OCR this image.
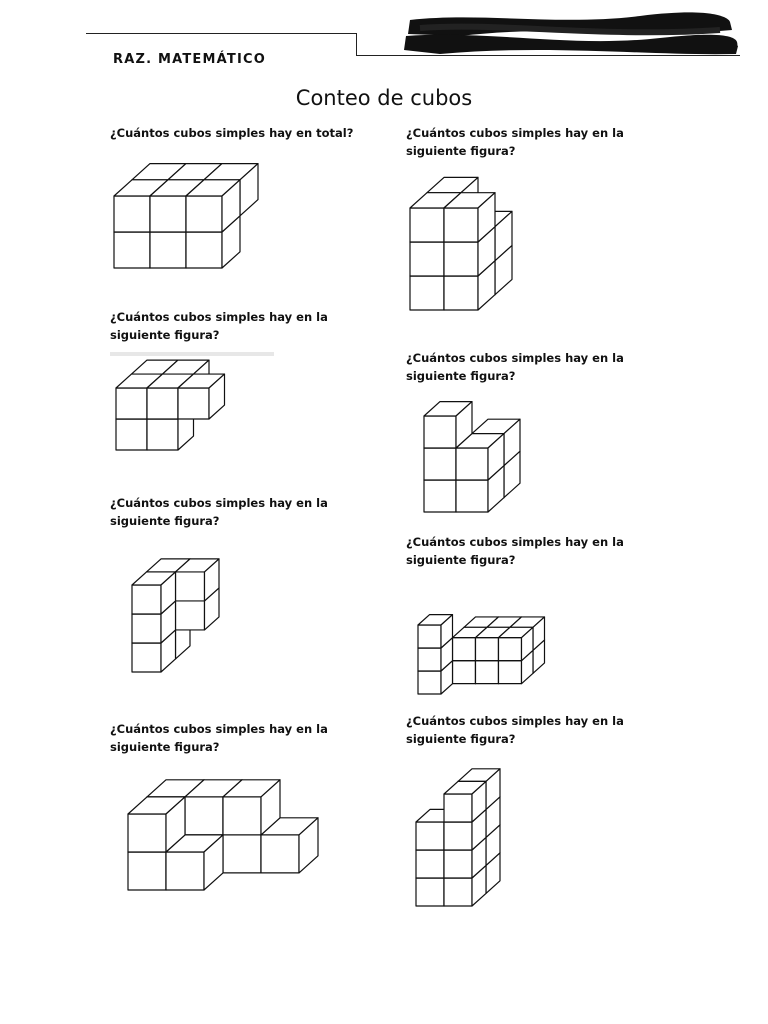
RAZ. MATEMÁTICO
Conteo de cubos
¿Cuántos cubos simples hay en total?	¿Cuántos cubos simples hay en la siguiente figura?
¿Cuántos cubos simples hay en la siguiente figura?
¿Cuántos cubos simples hay en la siguiente figura?
¿Cuántos cubos simples hay en la siguiente figura?
¿Cuántos cubos simples hay en la siguiente figura?
¿Cuántos cubos simples hay en la siguiente figura?
¿Cuántos cubos simples hay en la siguiente figura?
